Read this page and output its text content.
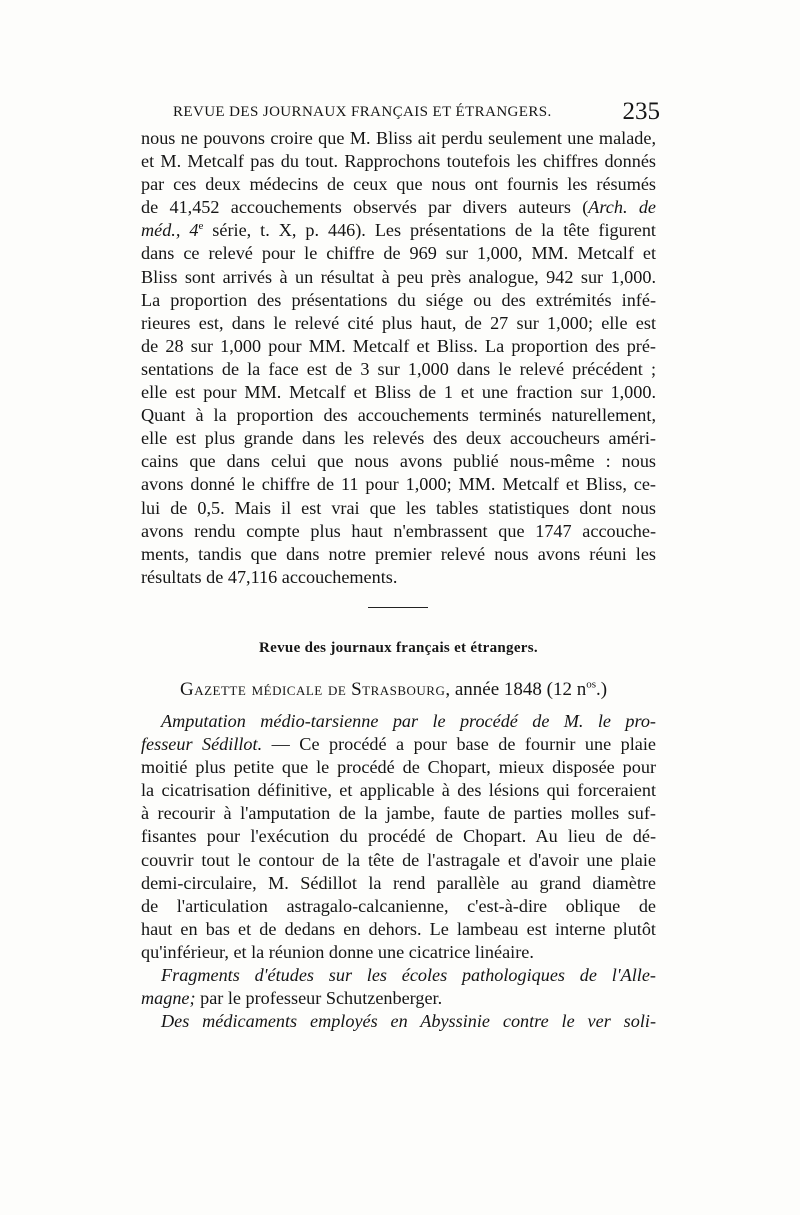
REVUE DES JOURNAUX FRANÇAIS ET ÉTRANGERS.	235
nous ne pouvons croire que M. Bliss ait perdu seulement une malade,
et M. Metcalf pas du tout. Rapprochons toutefois les chiffres donnés
par ces deux médecins de ceux que nous ont fournis les résumés
de 41,452 accouchements observés par divers auteurs (Arch. de
méd., 4e série, t. X, p. 446). Les présentations de la tête figurent
dans ce relevé pour le chiffre de 969 sur 1,000, MM. Metcalf et
Bliss sont arrivés à un résultat à peu près analogue, 942 sur 1,000.
La proportion des présentations du siége ou des extrémités infé-
rieures est, dans le relevé cité plus haut, de 27 sur 1,000; elle est
de 28 sur 1,000 pour MM. Metcalf et Bliss. La proportion des pré-
sentations de la face est de 3 sur 1,000 dans le relevé précédent ;
elle est pour MM. Metcalf et Bliss de 1 et une fraction sur 1,000.
Quant à la proportion des accouchements terminés naturellement,
elle est plus grande dans les relevés des deux accoucheurs améri-
cains que dans celui que nous avons publié nous-même : nous
avons donné le chiffre de 11 pour 1,000; MM. Metcalf et Bliss, ce-
lui de 0,5. Mais il est vrai que les tables statistiques dont nous
avons rendu compte plus haut n'embrassent que 1747 accouche-
ments, tandis que dans notre premier relevé nous avons réuni les
résultats de 47,116 accouchements.
Revue des journaux français et étrangers.
Gazette médicale de Strasbourg, année 1848 (12 $n^{os}$.)
Amputation médio-tarsienne par le procédé de M. le pro-
fesseur Sédillot. — Ce procédé a pour base de fournir une plaie
moitié plus petite que le procédé de Chopart, mieux disposée pour
la cicatrisation définitive, et applicable à des lésions qui forceraient
à recourir à l'amputation de la jambe, faute de parties molles suf-
fisantes pour l'exécution du procédé de Chopart. Au lieu de dé-
couvrir tout le contour de la tête de l'astragale et d'avoir une plaie
demi-circulaire, M. Sédillot la rend parallèle au grand diamètre
de l'articulation astragalo-calcanienne, c'est-à-dire oblique de
haut en bas et de dedans en dehors. Le lambeau est interne plutôt
qu'inférieur, et la réunion donne une cicatrice linéaire.
Fragments d'études sur les écoles pathologiques de l'Alle-
magne; par le professeur Schutzenberger.
Des médicaments employés en Abyssinie contre le ver soli-
